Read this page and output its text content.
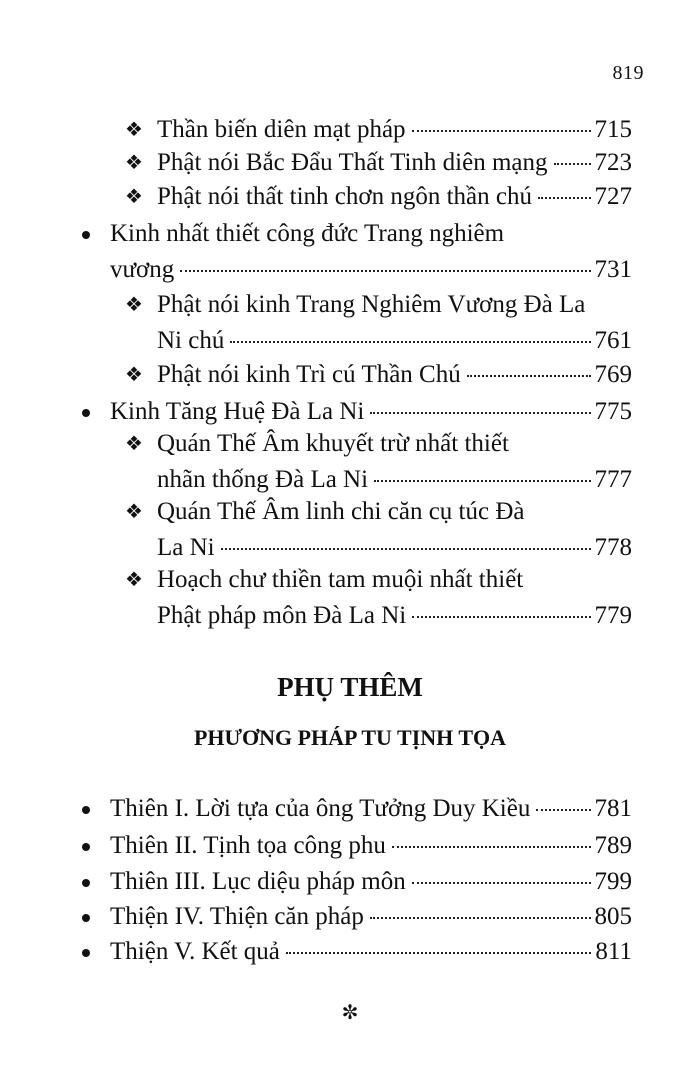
819
❖ Thần biến diên mạt pháp	715
❖ Phật nói Bắc Đẩu Thất Tinh diên mạng 723
❖ Phật nói thất tinh chơn ngôn thần chú	727
Kinh nhất thiết công đức Trang nghiêm
vương	731
❖ Phật nói kinh Trang Nghiêm Vương Đà La
Ni chú	761
❖ Phật nói kinh Trì cú Thần Chú	769
Kinh Tăng Huệ Đà La Ni	775
❖ Quán Thế Âm khuyết trừ nhất thiết
nhãn thống Đà La Ni	777
❖ Quán Thế Âm linh chi căn cụ túc Đà
La Ni	778
❖ Hoạch chư thiền tam muội nhất thiết
Phật pháp môn Đà La Ni	779
PHỤ THÊM
PHƯƠNG PHÁP TU TỊNH TỌA
Thiên I. Lời tựa của ông Tưởng Duy Kiều	781
Thiên II. Tịnh tọa công phu	789
Thiên III. Lục diệu pháp môn	799
Thiện IV. Thiện căn pháp	805
Thiện V. Kết quả	811
✼
